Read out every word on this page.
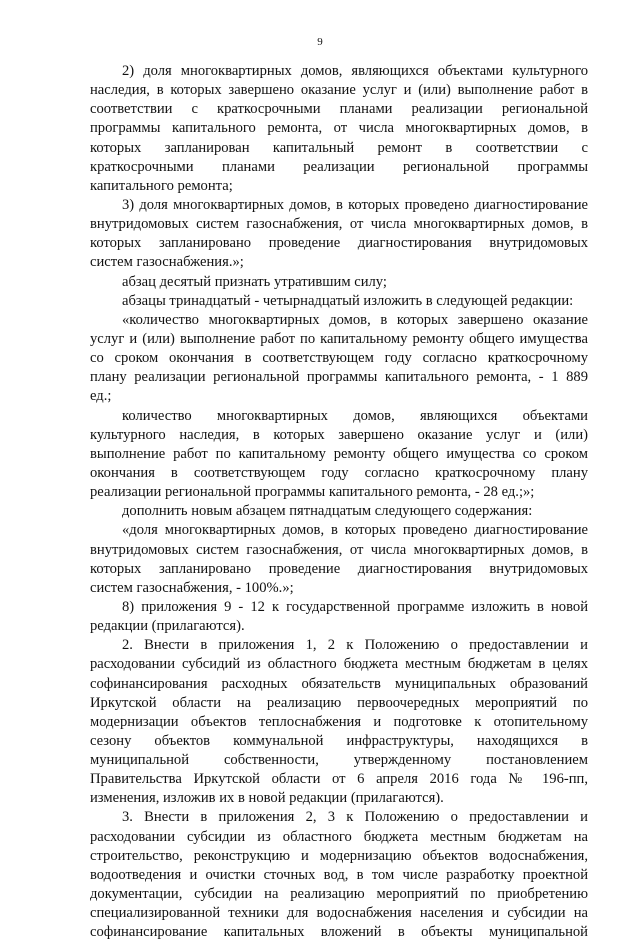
9
2) доля многоквартирных домов, являющихся объектами культурного
наследия, в которых завершено оказание услуг и (или) выполнение работ в
соответствии с краткосрочными планами реализации региональной
программы капитального ремонта, от числа многоквартирных домов, в
которых запланирован капитальный ремонт в соответствии с
краткосрочными планами реализации региональной программы
капитального ремонта;
3) доля многоквартирных домов, в которых проведено диагностирование
внутридомовых систем газоснабжения, от числа многоквартирных домов, в
которых запланировано проведение диагностирования внутридомовых
систем газоснабжения.»;
абзац десятый признать утратившим силу;
абзацы тринадцатый - четырнадцатый изложить в следующей редакции:
«количество многоквартирных домов, в которых завершено оказание
услуг и (или) выполнение работ по капитальному ремонту общего имущества
со сроком окончания в соответствующем году согласно краткосрочному
плану реализации региональной программы капитального ремонта, - 1 889
ед.;
количество многоквартирных домов, являющихся объектами
культурного наследия, в которых завершено оказание услуг и (или)
выполнение работ по капитальному ремонту общего имущества со сроком
окончания в соответствующем году согласно краткосрочному плану
реализации региональной программы капитального ремонта, - 28 ед.;»;
дополнить новым абзацем пятнадцатым следующего содержания:
«доля многоквартирных домов, в которых проведено диагностирование
внутридомовых систем газоснабжения, от числа многоквартирных домов, в
которых запланировано проведение диагностирования внутридомовых
систем газоснабжения, - 100%.»;
8) приложения 9 - 12 к государственной программе изложить в новой
редакции (прилагаются).
2. Внести в приложения 1, 2 к Положению о предоставлении и
расходовании субсидий из областного бюджета местным бюджетам в целях
софинансирования расходных обязательств муниципальных образований
Иркутской области на реализацию первоочередных мероприятий по
модернизации объектов теплоснабжения и подготовке к отопительному
сезону объектов коммунальной инфраструктуры, находящихся в
муниципальной собственности, утвержденному постановлением
Правительства Иркутской области от 6 апреля 2016 года № 196-пп,
изменения, изложив их в новой редакции (прилагаются).
3. Внести в приложения 2, 3 к Положению о предоставлении и
расходовании субсидии из областного бюджета местным бюджетам на
строительство, реконструкцию и модернизацию объектов водоснабжения,
водоотведения и очистки сточных вод, в том числе разработку проектной
документации, субсидии на реализацию мероприятий по приобретению
специализированной техники для водоснабжения населения и субсидии на
софинансирование капитальных вложений в объекты муниципальной
